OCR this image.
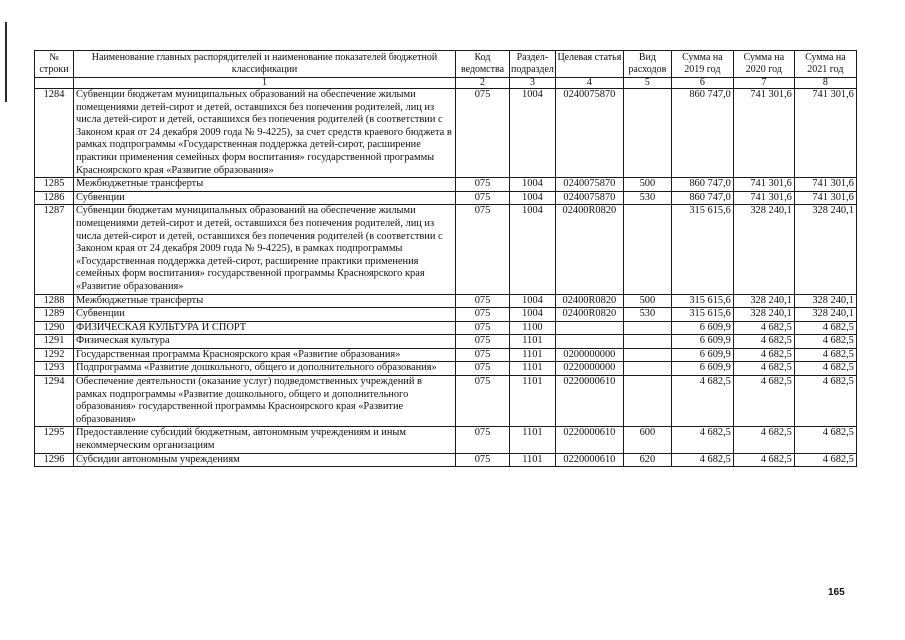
№ строки	Наименование главных распорядителей и наименование показателей бюджетной классификации	Код ведомства	Раздел-подраздел	Целевая статья	Вид расходов	Сумма на 2019 год	Сумма на 2020 год	Сумма на 2021 год
	1	2	3	4	5	6	7	8
1284	Субвенции бюджетам муниципальных образований на обеспечение жилыми помещениями детей-сирот и детей, оставшихся без попечения родителей, лиц из числа детей-сирот и детей, оставшихся без попечения родителей (в соответствии с Законом края от 24 декабря 2009 года № 9-4225), за счет средств краевого бюджета в рамках подпрограммы «Государственная поддержка детей-сирот, расширение практики применения семейных форм воспитания» государственной программы Красноярского края «Развитие образования»	075	1004	0240075870		860 747,0	741 301,6	741 301,6
1285	Межбюджетные трансферты	075	1004	0240075870	500	860 747,0	741 301,6	741 301,6
1286	Субвенции	075	1004	0240075870	530	860 747,0	741 301,6	741 301,6
1287	Субвенции бюджетам муниципальных образований на обеспечение жилыми помещениями детей-сирот и детей, оставшихся без попечения родителей, лиц из числа детей-сирот и детей, оставшихся без попечения родителей (в соответствии с Законом края от 24 декабря 2009 года № 9-4225), в рамках подпрограммы «Государственная поддержка детей-сирот, расширение практики применения семейных форм воспитания» государственной программы Красноярского края «Развитие образования»	075	1004	02400R0820		315 615,6	328 240,1	328 240,1
1288	Межбюджетные трансферты	075	1004	02400R0820	500	315 615,6	328 240,1	328 240,1
1289	Субвенции	075	1004	02400R0820	530	315 615,6	328 240,1	328 240,1
1290	ФИЗИЧЕСКАЯ КУЛЬТУРА И СПОРТ	075	1100			6 609,9	4 682,5	4 682,5
1291	Физическая культура	075	1101			6 609,9	4 682,5	4 682,5
1292	Государственная программа Красноярского края «Развитие образования»	075	1101	0200000000		6 609,9	4 682,5	4 682,5
1293	Подпрограмма «Развитие дошкольного, общего и дополнительного образования»	075	1101	0220000000		6 609,9	4 682,5	4 682,5
1294	Обеспечение деятельности (оказание услуг) подведомственных учреждений в рамках подпрограммы «Развитие дошкольного, общего и дополнительного образования» государственной программы Красноярского края «Развитие образования»	075	1101	0220000610		4 682,5	4 682,5	4 682,5
1295	Предоставление субсидий бюджетным, автономным учреждениям и иным некоммерческим организациям	075	1101	0220000610	600	4 682,5	4 682,5	4 682,5
1296	Субсидии автономным учреждениям	075	1101	0220000610	620	4 682,5	4 682,5	4 682,5
165
